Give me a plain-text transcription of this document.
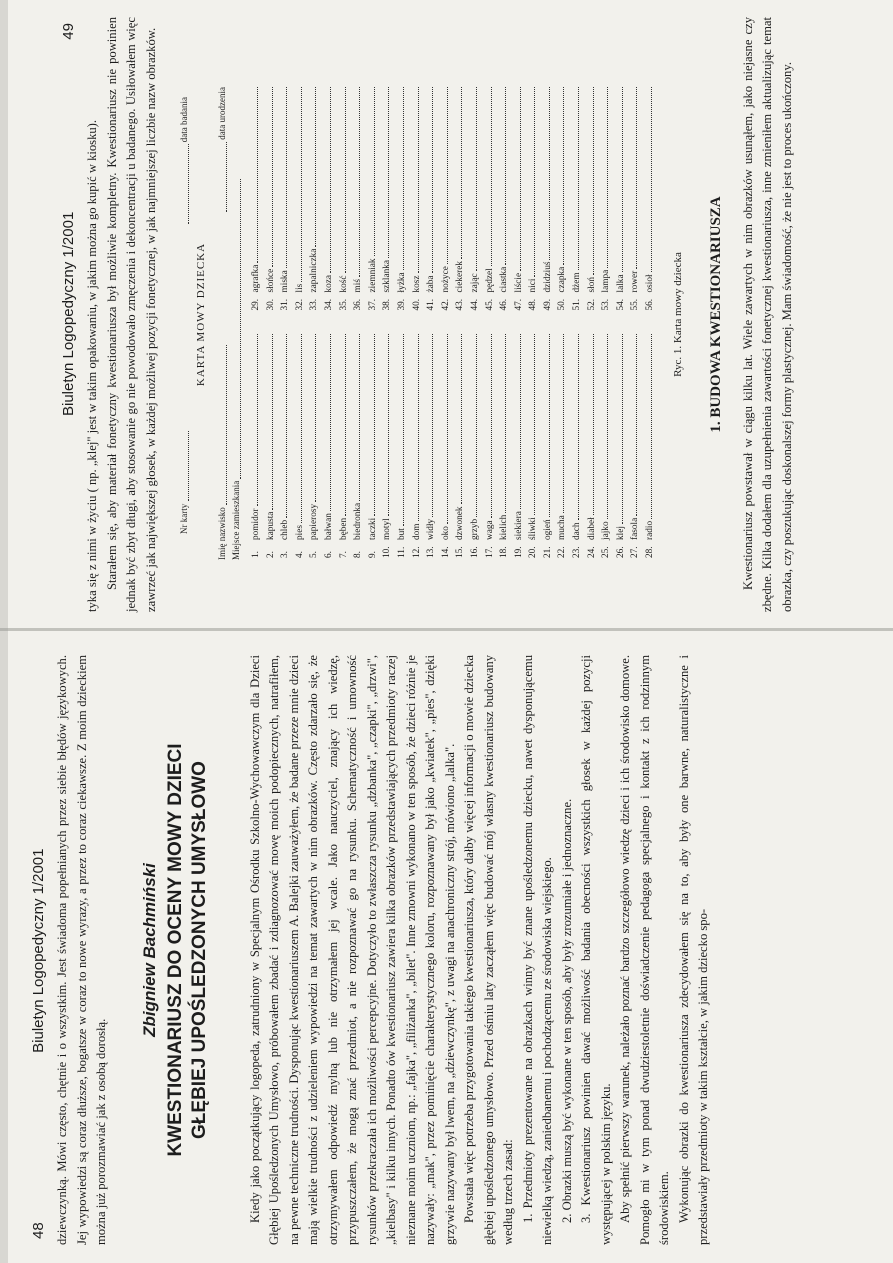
48
Biuletyn Logopedyczny 1/2001 dziewczynką. Mówi często, chętnie i o wszystkim. Jest świadoma popełnianych przez siebie błędów językowych. Jej wypowiedzi są coraz dłuższe, bogatsze w coraz to nowe wyrazy, a przez to coraz ciekawsze. Z moim dzieckiem można już porozmawiać jak z osobą dorosłą.

Zbigniew Bachmiński KWESTIONARIUSZ DO OCENY MOWY DZIECI GŁĘBIEJ UPOŚLEDZONYCH UMYSŁOWO	Kiedy jako początkujący logopeda, zatrudniony w Specjalnym Ośrodku Szkolno-Wychowawczym dla Dzieci Głębiej Upośledzonych Umysłowo, próbowałem zbadać i zdiagnozować mowę moich podopiecznych, natrafiłem, na pewne techniczne trudności. Dysponując kwestionariuszem A. Balejki zauważyłem, że badane przeze mnie dzieci mają wielkie trudności z udzieleniem wypowiedzi na temat zawartych w nim obrazków. Często zdarzało się, że otrzymywałem odpowiedź mylną lub nie otrzymałem jej wcale. Jako nauczyciel, znający ich wiedzę, przypuszczałem, że mogą znać przedmiot, a nie rozpoznawać go na rysunku. Schematyczność i umowność rysunków przekraczała ich możliwości percepcyjne. Dotyczyło to zwłaszcza rysunku „dzbanka", „czapki", „drzwi", „kielbasy" i kilku innych. Ponadto ów kwestionariusz zawiera kilka obrazków przedstawiających przedmioty raczej nieznane moim uczniom, np.: „fajka", „filiżanka", „bilet". Inne zmowni wykonano w ten sposób, że dzieci różnie je nazywały: „mak", przez pominięcie charakterystycznego koloru, rozpoznawany był jako „kwiatek", „pies", dzięki grzywie nazywany był lwem, na „dziewczynkę", z uwagi na anachroniczny strój, mówiono „lalka". Powstała więc potrzeba przygotowania takiego kwestionariusza, który dałby więcej informacji o mowie dziecka głębiej upośledzonego umysłowo. Przed ośmiu laty zacząłem więc budować mój własny kwestionariusz budowany według trzech zasad: 1. Przedmioty prezentowane na obrazkach winny być znane upośledzonemu dziecku, nawet dysponującemu niewielką wiedzą, zaniedbanemu i pochodzącemu ze środowiska wiejskiego. 2. Obrazki muszą być wykonane w ten sposób, aby były zrozumiałe i jednoznaczne. 3. Kwestionariusz powinien dawać możliwość badania obecności wszystkich głosek w każdej pozycji występującej w polskim języku. Aby spełnić pierwszy warunek, należało poznać bardzo szczegółowo wiedzę dzieci i ich środowisko domowe. Pomogło mi w tym ponad dwudziestoletnie doświadczenie pedagoga specjalnego i kontakt z ich rodzinnym środowiskiem. Wykonując obrazki do kwestionariusza zdecydowałem się na to, aby były one barwne, naturalistyczne i przedstawiały przedmioty w takim kształcie, w jakim dziecko spo-

Biuletyn Logopedyczny 1/2001
49

tyka się z nimi w życiu ( np. „klej" jest w takim opakowaniu, w jakim można go kupić w kiosku). Starałem się, aby materiał fonetyczny kwestionariusza był możliwie kompletny. Kwestionariusz nie powinien jednak być zbyt długi, aby stosowanie go nie powodowało zmęczenia i dekoncentracji u badanego. Usiłowałem więc zawrzeć jak największej głosek, w każdej możliwej pozycji fonetycznej, w jak najmniejszej liczbie nazw obrazków.	Nr karty
data badania
KARTA MOWY DZIECKA
Imię nazwisko
data urodzenia
Miejsce zamieszkania 1.
pomidor
2.
kapusta
3.
chleb
4.
pies
5.
papierosy
6.
bałwan
7.
bęben
8.
biedronka
9.
taczki
10.
motyl
11.
but
12.
dom
13.
widły
14.
oko
15.
dzwonek
16.
grzyb
17.
waga
18.
kielich
19.
siekiera
20.
śliwki
21.
ogień
22.
mucha
23.
dach
24.
diabeł
25.
jajko
26.
klej
27.
fasola
28.
radio
29.
agrafka
30.
słońce
31.
miska
32.
lis
33.
zapalniczka
34.
koza
35.
kość
36.
miś
37.
ziemniak
38.
szklanka
39.
łyżka
40.
kosz
41.
żaba
42.
nożyce
43.
ciekerek
44.
zając
45.
pędzel
46.
ciastka
47.
liście
48.
nici
49.
dzidziuś
50.
czapka
51.
dżem
52.
słoń
53.
lampa
54.
lalka
55.
rower
56.
osioł Ryc. 1. Karta mowy dziecka 1. BUDOWA KWESTIONARIUSZA Kwestionariusz powstawał w ciągu kilku lat. Wiele zawartych w nim obrazków usunąłem, jako niejasne czy zbędne. Kilka dodałem dla uzupełnienia zawartości fonetycznej kwestionariusza, inne zmieniłem aktualizując temat obrazka, czy poszukując doskonalszej formy plastycznej. Mam świadomość, że nie jest to proces ukończony.
